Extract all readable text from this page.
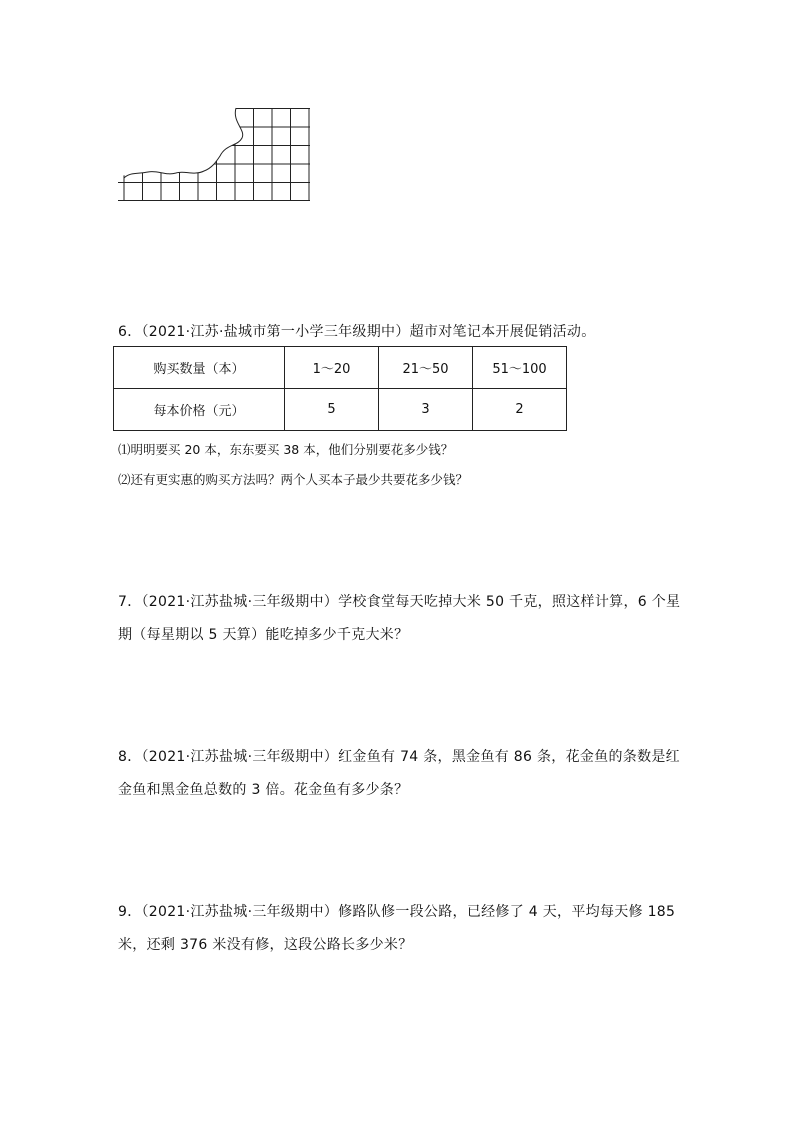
6．（2021·江苏·盐城市第一小学三年级期中）超市对笔记本开展促销活动。

购买数量（本）	1～20	21～50	51～100
每本价格（元）	5	3	2

⑴明明要买 20 本，东东要买 38 本，他们分别要花多少钱？

⑵还有更实惠的购买方法吗？两个人买本子最少共要花多少钱？

7．（2021·江苏盐城·三年级期中）学校食堂每天吃掉大米 50 千克，照这样计算，6 个星
期（每星期以 5 天算）能吃掉多少千克大米？

8．（2021·江苏盐城·三年级期中）红金鱼有 74 条，黑金鱼有 86 条，花金鱼的条数是红
金鱼和黑金鱼总数的 3 倍。花金鱼有多少条？

9．（2021·江苏盐城·三年级期中）修路队修一段公路，已经修了 4 天，平均每天修 185
米，还剩 376 米没有修，这段公路长多少米？
